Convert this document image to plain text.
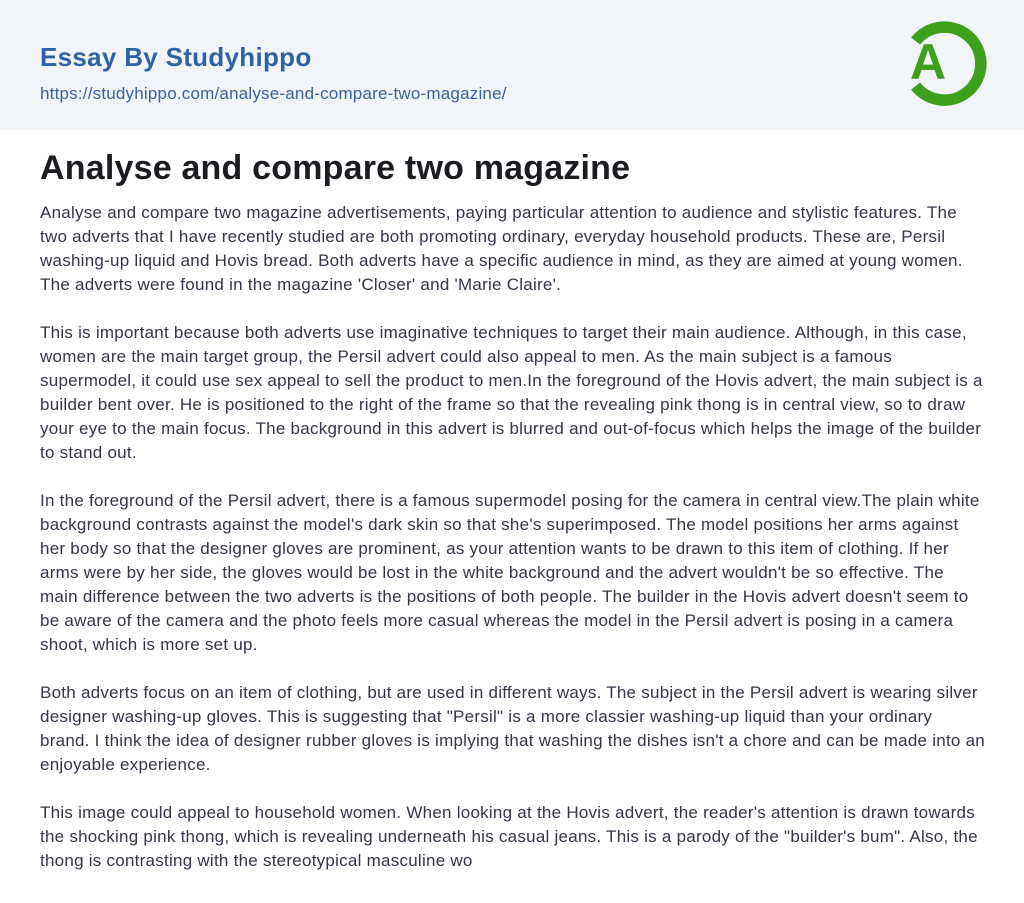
Essay By Studyhippo
https://studyhippo.com/analyse-and-compare-two-magazine/
A
Analyse and compare two magazine

Analyse and compare two magazine advertisements, paying particular attention to audience and stylistic features. The two adverts that I have recently studied are both promoting ordinary, everyday household products. These are, Persil washing-up liquid and Hovis bread. Both adverts have a specific audience in mind, as they are aimed at young women. The adverts were found in the magazine 'Closer' and 'Marie Claire'.

This is important because both adverts use imaginative techniques to target their main audience. Although, in this case, women are the main target group, the Persil advert could also appeal to men. As the main subject is a famous supermodel, it could use sex appeal to sell the product to men.In the foreground of the Hovis advert, the main subject is a builder bent over. He is positioned to the right of the frame so that the revealing pink thong is in central view, so to draw your eye to the main focus. The background in this advert is blurred and out-of-focus which helps the image of the builder to stand out.

In the foreground of the Persil advert, there is a famous supermodel posing for the camera in central view.The plain white background contrasts against the model's dark skin so that she's superimposed. The model positions her arms against her body so that the designer gloves are prominent, as your attention wants to be drawn to this item of clothing. If her arms were by her side, the gloves would be lost in the white background and the advert wouldn't be so effective. The main difference between the two adverts is the positions of both people. The builder in the Hovis advert doesn't seem to be aware of the camera and the photo feels more casual whereas the model in the Persil advert is posing in a camera shoot, which is more set up.

Both adverts focus on an item of clothing, but are used in different ways. The subject in the Persil advert is wearing silver designer washing-up gloves. This is suggesting that "Persil" is a more classier washing-up liquid than your ordinary brand. I think the idea of designer rubber gloves is implying that washing the dishes isn't a chore and can be made into an enjoyable experience.

This image could appeal to household women. When looking at the Hovis advert, the reader's attention is drawn towards the shocking pink thong, which is revealing underneath his casual jeans. This is a parody of the "builder's bum". Also, the thong is contrasting with the stereotypical masculine wo
